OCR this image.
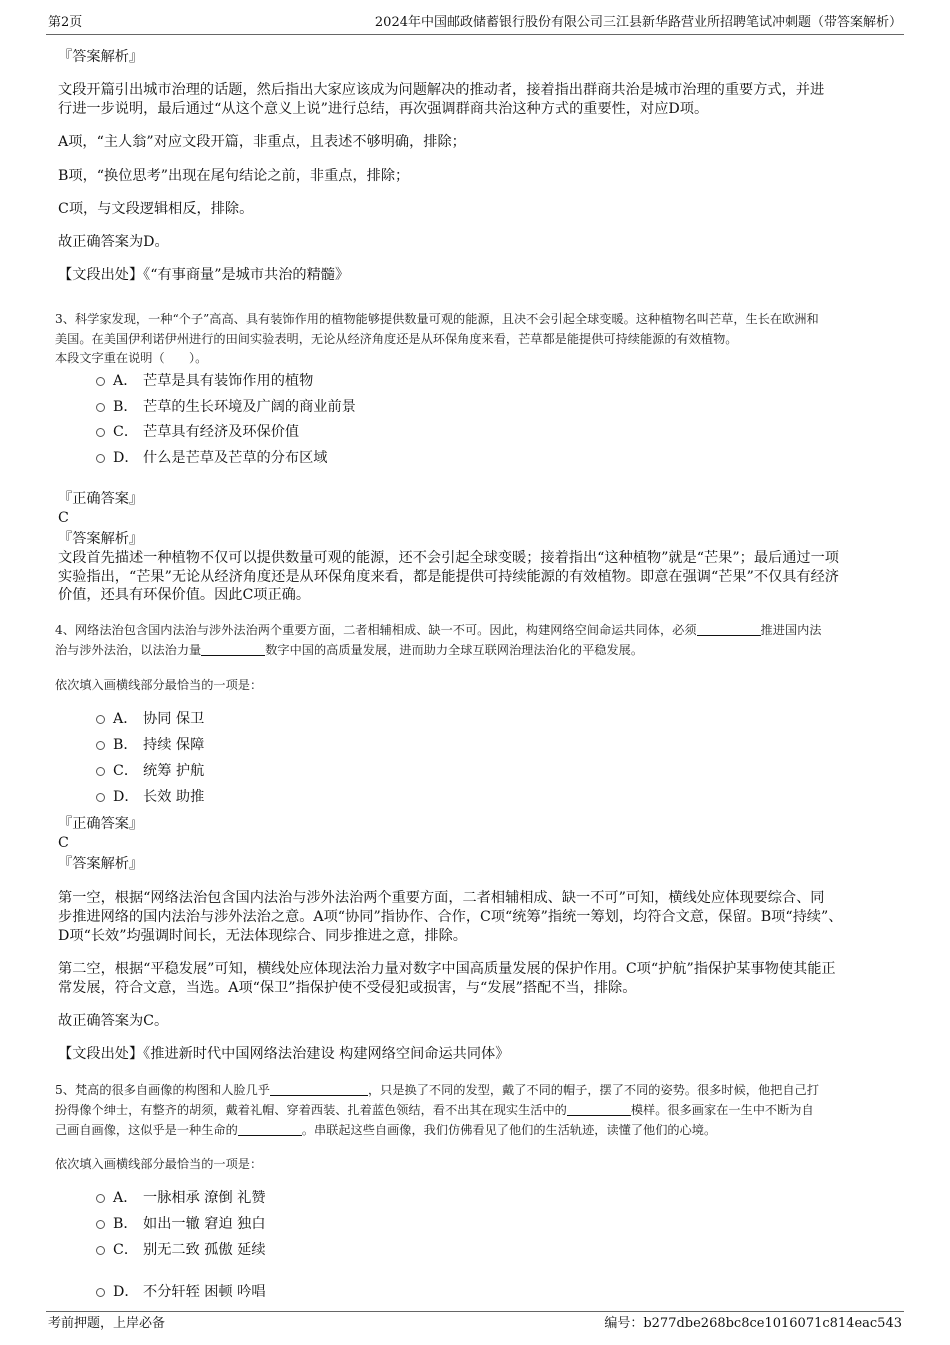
第2页	2024年中国邮政储蓄银行股份有限公司三江县新华路营业所招聘笔试冲刺题（带答案解析）
『答案解析』
文段开篇引出城市治理的话题，然后指出大家应该成为问题解决的推动者，接着指出群商共治是城市治理的重要方式，并进
行进一步说明，最后通过“从这个意义上说”进行总结，再次强调群商共治这种方式的重要性，对应D项。
A项，“主人翁”对应文段开篇，非重点，且表述不够明确，排除；
B项，“换位思考”出现在尾句结论之前，非重点，排除；
C项，与文段逻辑相反，排除。
故正确答案为D。
【文段出处】《“有事商量”是城市共治的精髓》
3、科学家发现，一种“个子”高高、具有装饰作用的植物能够提供数量可观的能源，且决不会引起全球变暖。这种植物名叫芒草，生长在欧洲和
美国。在美国伊利诺伊州进行的田间实验表明，无论从经济角度还是从环保角度来看，芒草都是能提供可持续能源的有效植物。
本段文字重在说明（　　）。
A． 芒草是具有装饰作用的植物
B． 芒草的生长环境及广阔的商业前景
C． 芒草具有经济及环保价值
D． 什么是芒草及芒草的分布区域
『正确答案』
C
『答案解析』
文段首先描述一种植物不仅可以提供数量可观的能源，还不会引起全球变暖；接着指出“这种植物”就是“芒果”；最后通过一项
实验指出，“芒果”无论从经济角度还是从环保角度来看，都是能提供可持续能源的有效植物。即意在强调“芒果”不仅具有经济
价值，还具有环保价值。因此C项正确。
4、网络法治包含国内法治与涉外法治两个重要方面，二者相辅相成、缺一不可。因此，构建网络空间命运共同体，必须	推进国内法
治与涉外法治，以法治力量	数字中国的高质量发展，进而助力全球互联网治理法治化的平稳发展。
依次填入画横线部分最恰当的一项是：
A． 协同 保卫
B． 持续 保障
C． 统筹 护航
D． 长效 助推
『正确答案』
C
『答案解析』
第一空，根据“网络法治包含国内法治与涉外法治两个重要方面，二者相辅相成、缺一不可”可知，横线处应体现要综合、同
步推进网络的国内法治与涉外法治之意。A项“协同”指协作、合作，C项“统筹”指统一筹划，均符合文意，保留。B项“持续”、
D项“长效”均强调时间长，无法体现综合、同步推进之意，排除。
第二空，根据“平稳发展”可知，横线处应体现法治力量对数字中国高质量发展的保护作用。C项“护航”指保护某事物使其能正
常发展，符合文意，当选。A项“保卫”指保护使不受侵犯或损害，与“发展”搭配不当，排除。
故正确答案为C。
【文段出处】《推进新时代中国网络法治建设 构建网络空间命运共同体》
5、梵高的很多自画像的构图和人脸几乎	，只是换了不同的发型，戴了不同的帽子，摆了不同的姿势。很多时候，他把自己打
扮得像个绅士，有整齐的胡须，戴着礼帽、穿着西装、扎着蓝色领结，看不出其在现实生活中的	模样。很多画家在一生中不断为自
己画自画像，这似乎是一种生命的	。串联起这些自画像，我们仿佛看见了他们的生活轨迹，读懂了他们的心境。
依次填入画横线部分最恰当的一项是：
A． 一脉相承 潦倒 礼赞
B． 如出一辙 窘迫 独白
C． 别无二致 孤傲 延续
D． 不分轩轾 困顿 吟唱
考前押题，上岸必备	编号：b277dbe268bc8ce1016071c814eac543
